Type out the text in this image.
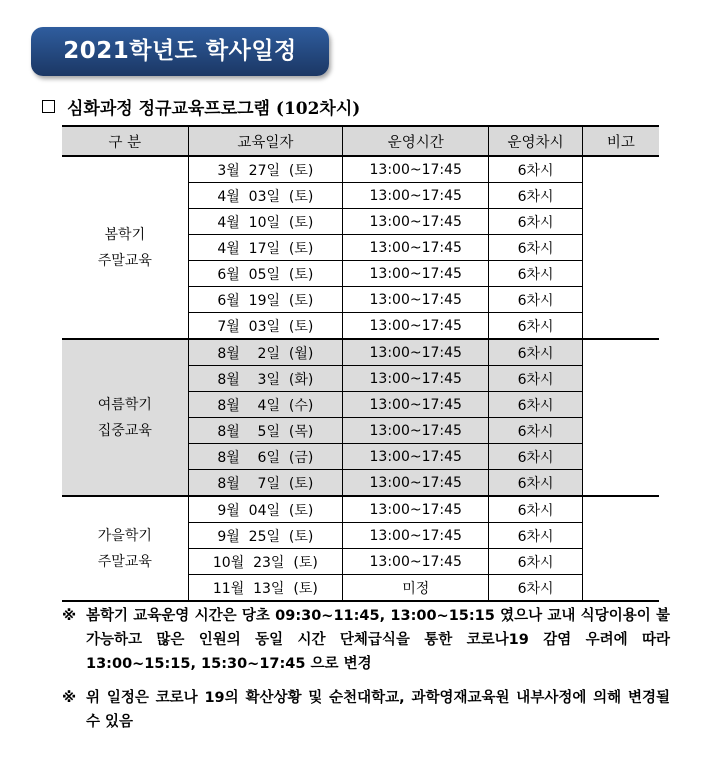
2021학년도 학사일정
심화과정 정규교육프로그램 (102차시)
구 분	교육일자	운영시간	운영차시	비고

봄학기
주말교육	3월  27일  (토)	13:00~17:45	6차시	
	4월  03일  (토)	13:00~17:45	6차시	
	4월  10일  (토)	13:00~17:45	6차시	
	4월  17일  (토)	13:00~17:45	6차시	
	6월  05일  (토)	13:00~17:45	6차시	
	6월  19일  (토)	13:00~17:45	6차시	
	7월  03일  (토)	13:00~17:45	6차시	

여름학기
집중교육	8월    2일  (월)	13:00~17:45	6차시	
	8월    3일  (화)	13:00~17:45	6차시	
	8월    4일  (수)	13:00~17:45	6차시	
	8월    5일  (목)	13:00~17:45	6차시	
	8월    6일  (금)	13:00~17:45	6차시	
	8월    7일  (토)	13:00~17:45	6차시	

가을학기
주말교육	9월  04일  (토)	13:00~17:45	6차시	
	9월  25일  (토)	13:00~17:45	6차시	
	10월  23일  (토)	13:00~17:45	6차시	
	11월  13일  (토)	미정	6차시	
※ 봄학기 교육운영 시간은 당초 09:30~11:45, 13:00~15:15 였으나 교내 식당이용이 불가능하고 많은 인원의 동일 시간 단체급식을 통한 코로나19 감염 우려에 따라 13:00~15:15, 15:30~17:45 으로 변경
※ 위 일정은 코로나 19의 확산상황 및 순천대학교, 과학영재교육원 내부사정에 의해 변경될 수 있음
